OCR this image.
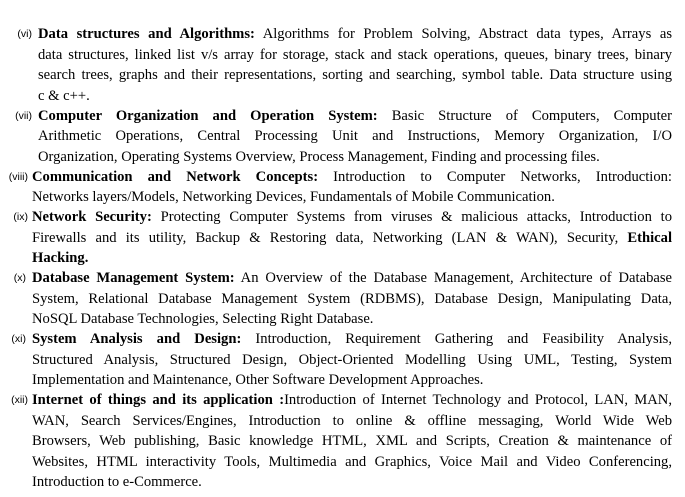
(vi) Data structures and Algorithms: Algorithms for Problem Solving, Abstract data types, Arrays as
data structures, linked list v/s array for storage, stack and stack operations, queues, binary trees, binary
search trees, graphs and their representations, sorting and searching, symbol table. Data structure using
c & c++.
(vii) Computer Organization and Operation System: Basic Structure of Computers, Computer
Arithmetic Operations, Central Processing Unit and Instructions, Memory Organization, I/O
Organization, Operating Systems Overview, Process Management, Finding and processing files.
(viii) Communication and Network Concepts: Introduction to Computer Networks, Introduction:
Networks layers/Models, Networking Devices, Fundamentals of Mobile Communication.
(ix) Network Security: Protecting Computer Systems from viruses & malicious attacks, Introduction to
Firewalls and its utility, Backup & Restoring data, Networking (LAN & WAN), Security, Ethical
Hacking.
(x) Database Management System: An Overview of the Database Management, Architecture of Database
System, Relational Database Management System (RDBMS), Database Design, Manipulating Data,
NoSQL Database Technologies, Selecting Right Database.
(xi) System Analysis and Design: Introduction, Requirement Gathering and Feasibility Analysis,
Structured Analysis, Structured Design, Object-Oriented Modelling Using UML, Testing, System
Implementation and Maintenance, Other Software Development Approaches.
(xii) Internet of things and its application :Introduction of Internet Technology and Protocol, LAN, MAN,
WAN, Search Services/Engines, Introduction to online & offline messaging, World Wide Web
Browsers, Web publishing, Basic knowledge HTML, XML and Scripts, Creation & maintenance of
Websites, HTML interactivity Tools, Multimedia and Graphics, Voice Mail and Video Conferencing,
Introduction to e-Commerce.
